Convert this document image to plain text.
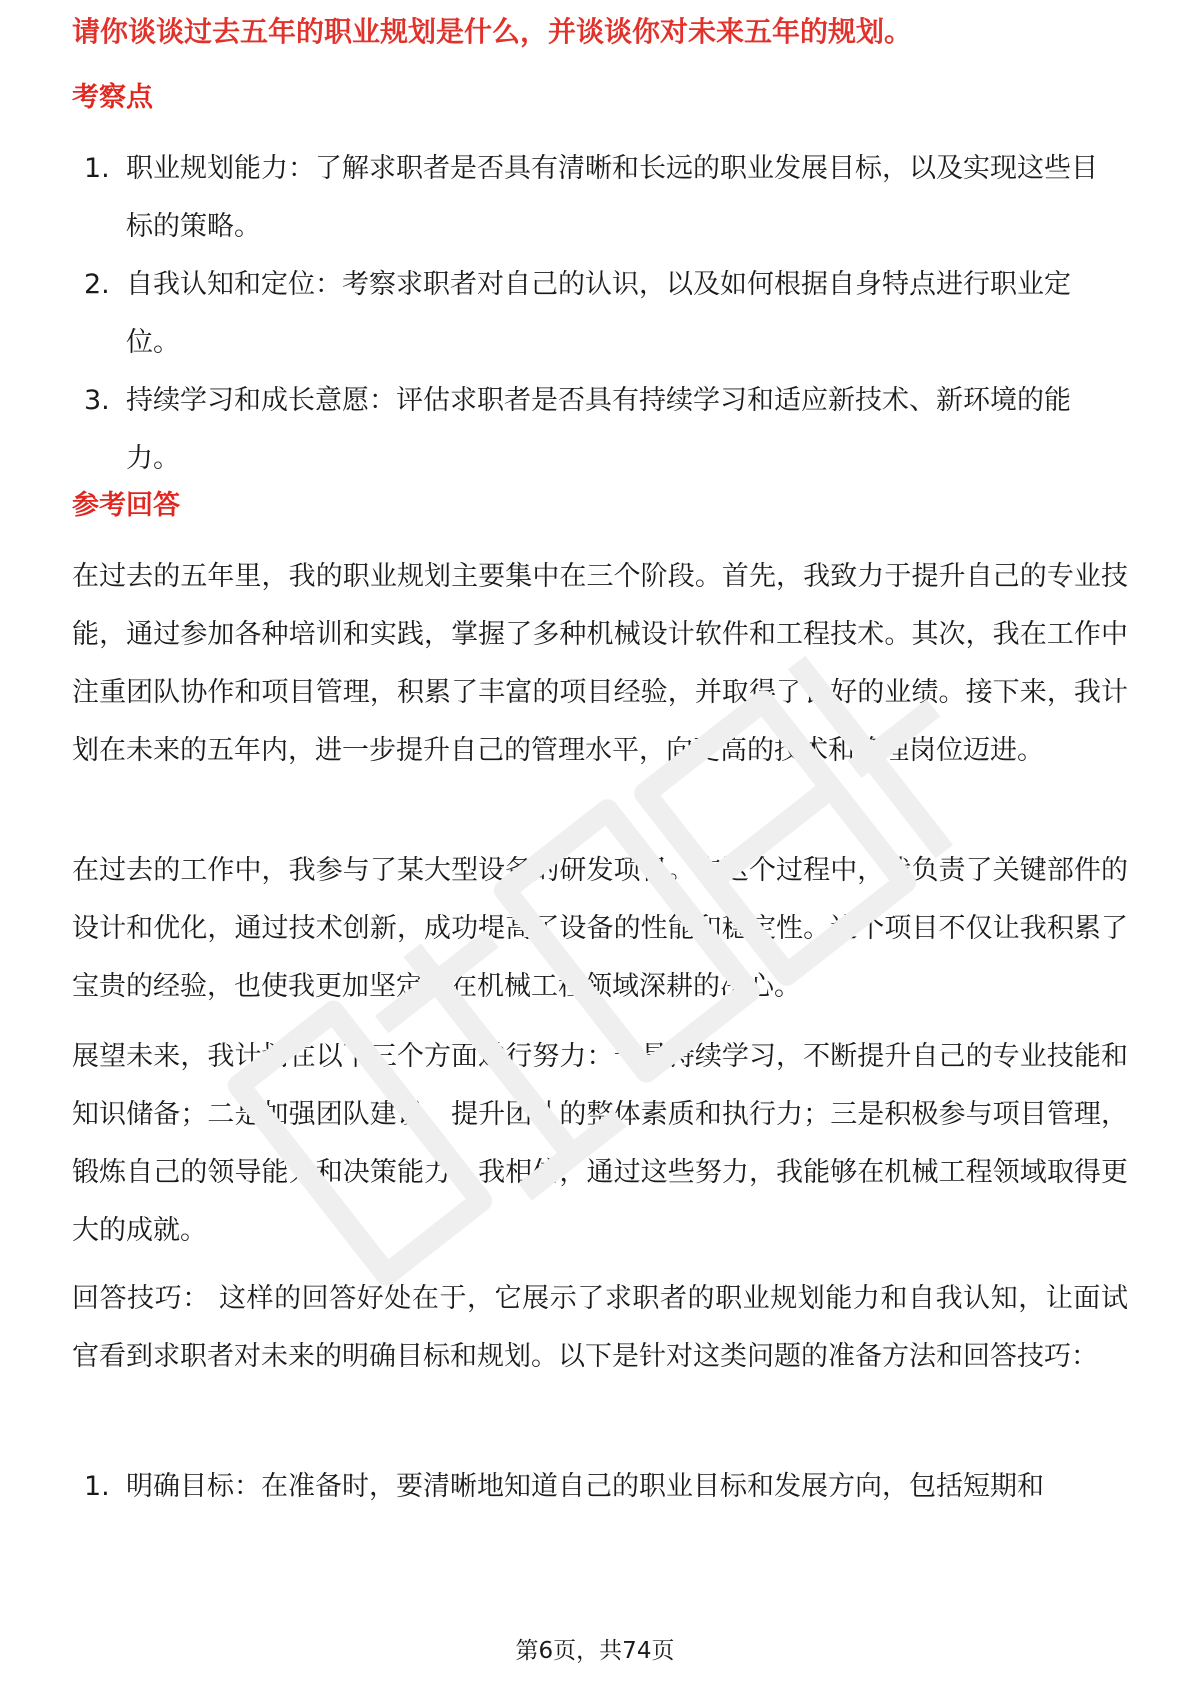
请你谈谈过去五年的职业规划是什么，并谈谈你对未来五年的规划。
考察点
1. 职业规划能力：了解求职者是否具有清晰和长远的职业发展目标，以及实现这些目标的策略。
2. 自我认知和定位：考察求职者对自己的认识，以及如何根据自身特点进行职业定位。
3. 持续学习和成长意愿：评估求职者是否具有持续学习和适应新技术、新环境的能力。
参考回答

在过去的五年里，我的职业规划主要集中在三个阶段。首先，我致力于提升自己的专业技能，通过参加各种培训和实践，掌握了多种机械设计软件和工程技术。其次，我在工作中注重团队协作和项目管理，积累了丰富的项目经验，并取得了良好的业绩。接下来，我计划在未来的五年内，进一步提升自己的管理水平，向更高的技术和管理岗位迈进。

在过去的工作中，我参与了某大型设备的研发项目。在这个过程中，我负责了关键部件的设计和优化，通过技术创新，成功提高了设备的性能和稳定性。这个项目不仅让我积累了宝贵的经验，也使我更加坚定了在机械工程领域深耕的决心。

展望未来，我计划在以下三个方面进行努力：一是持续学习，不断提升自己的专业技能和知识储备；二是加强团队建设，提升团队的整体素质和执行力；三是积极参与项目管理，锻炼自己的领导能力和决策能力。我相信，通过这些努力，我能够在机械工程领域取得更大的成就。

回答技巧： 这样的回答好处在于，它展示了求职者的职业规划能力和自我认知，让面试官看到求职者对未来的明确目标和规划。以下是针对这类问题的准备方法和回答技巧：

1. 明确目标：在准备时，要清晰地知道自己的职业目标和发展方向，包括短期和
第6页，共74页
